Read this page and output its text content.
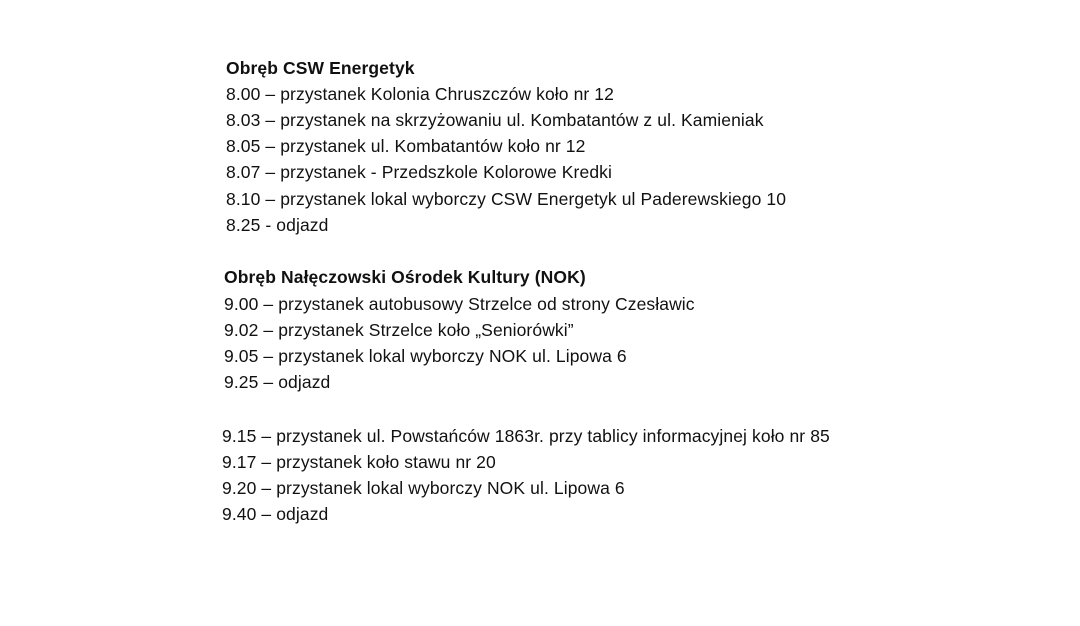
Obręb CSW Energetyk
8.00 – przystanek Kolonia Chruszczów koło nr 12
8.03 – przystanek na skrzyżowaniu ul. Kombatantów z ul. Kamieniak
8.05 – przystanek ul. Kombatantów koło nr 12
8.07 – przystanek - Przedszkole Kolorowe Kredki
8.10 – przystanek lokal wyborczy CSW Energetyk ul Paderewskiego 10
8.25 - odjazd
Obręb Nałęczowski Ośrodek Kultury (NOK)
9.00 – przystanek autobusowy Strzelce od strony Czesławic
9.02 – przystanek Strzelce koło „Seniorówki”
9.05 – przystanek lokal wyborczy NOK ul. Lipowa 6
9.25 – odjazd
9.15 – przystanek ul. Powstańców 1863r. przy tablicy informacyjnej koło nr 85
9.17 – przystanek koło stawu nr 20
9.20 – przystanek lokal wyborczy NOK ul. Lipowa 6
9.40 – odjazd
